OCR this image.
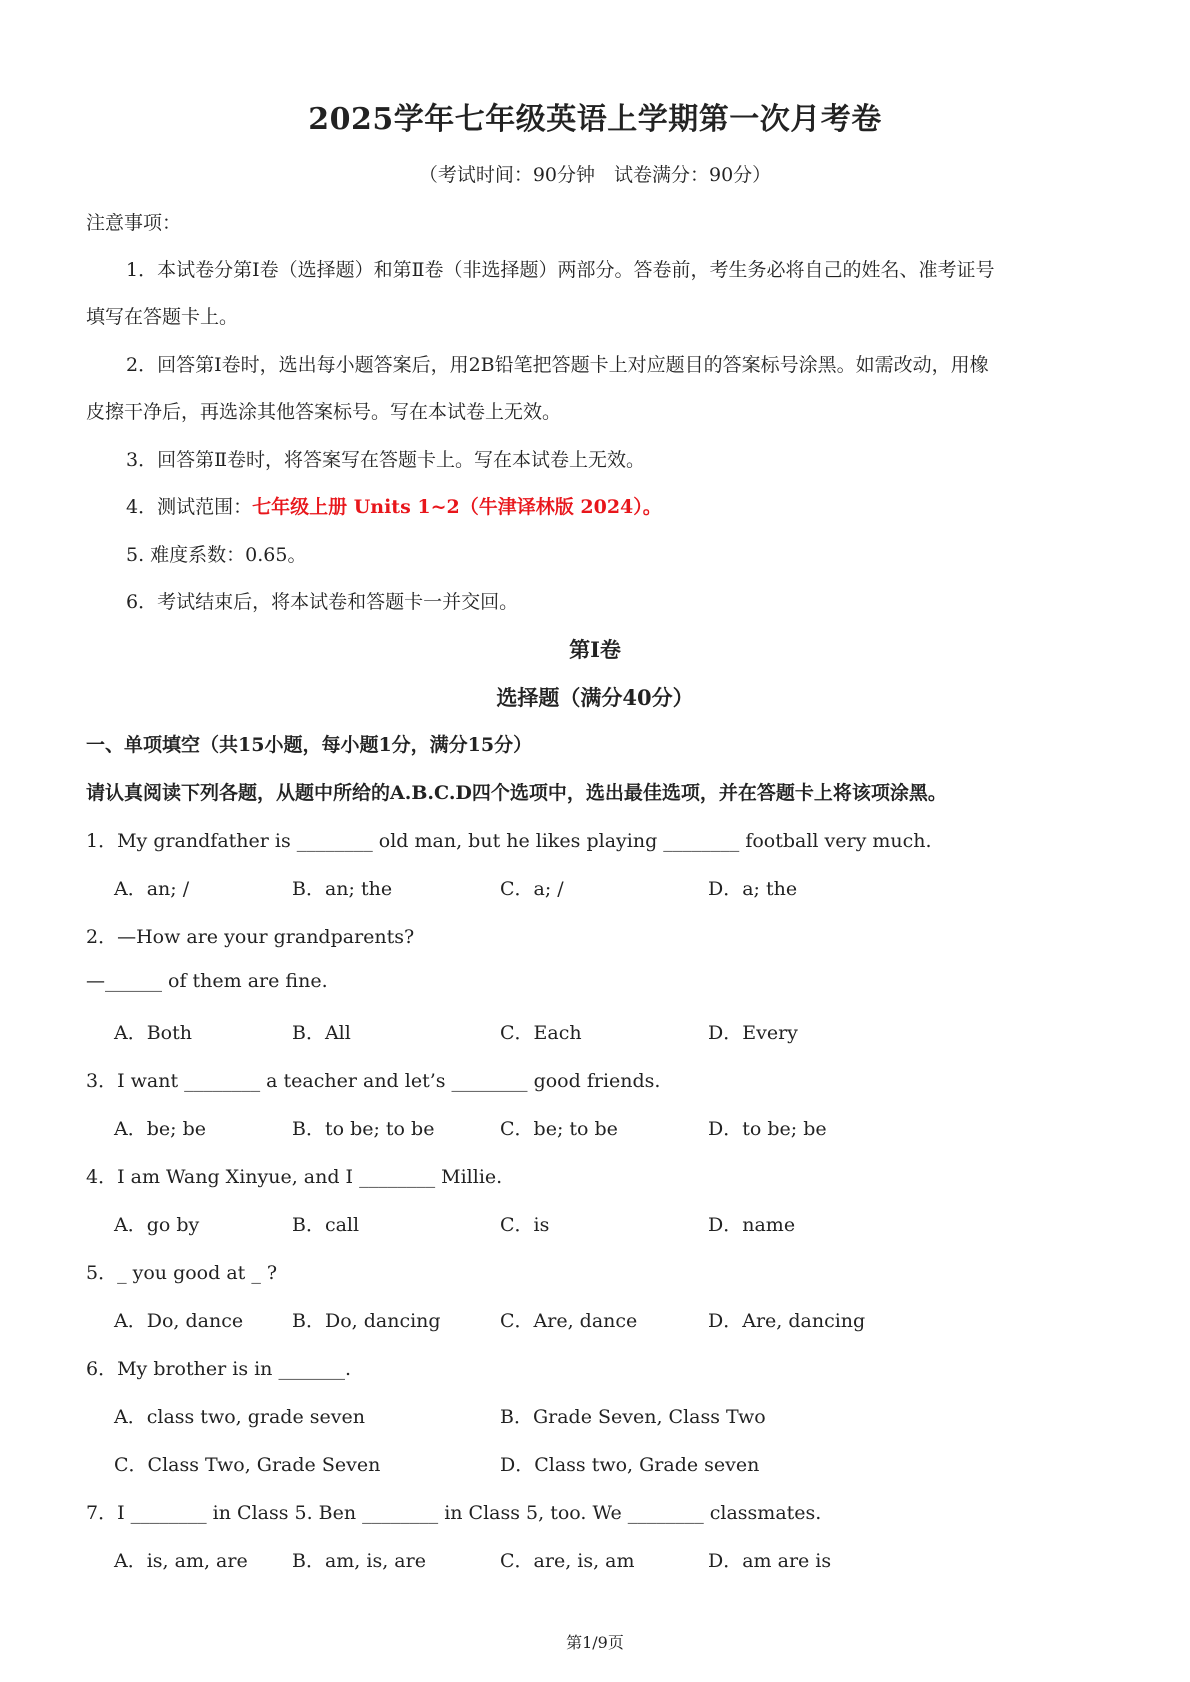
2025学年七年级英语上学期第一次月考卷
（考试时间：90分钟　试卷满分：90分）
注意事项：
1．本试卷分第Ⅰ卷（选择题）和第Ⅱ卷（非选择题）两部分。答卷前，考生务必将自己的姓名、准考证号
填写在答题卡上。
2．回答第Ⅰ卷时，选出每小题答案后，用2B铅笔把答题卡上对应题目的答案标号涂黑。如需改动，用橡
皮擦干净后，再选涂其他答案标号。写在本试卷上无效。
3．回答第Ⅱ卷时，将答案写在答题卡上。写在本试卷上无效。
4．测试范围：七年级上册 Units 1~2（牛津译林版 2024）。
5. 难度系数：0.65。
6．考试结束后，将本试卷和答题卡一并交回。
第Ⅰ卷
选择题（满分40分）
一、单项填空（共15小题，每小题1分，满分15分）
请认真阅读下列各题，从题中所给的A.B.C.D四个选项中，选出最佳选项，并在答题卡上将该项涂黑。
1．My grandfather is ________ old man, but he likes playing ________ football very much.
A．an; /	B．an; the	C．a; /	D．a; the
2．—How are your grandparents?
—______ of them are fine.
A．Both	B．All	C．Each	D．Every
3．I want ________ a teacher and let’s ________ good friends.
A．be; be	B．to be; to be	C．be; to be	D．to be; be
4．I am Wang Xinyue, and I ________ Millie.
A．go by	B．call	C．is	D．name
5．_ you good at _ ?
A．Do, dance	B．Do, dancing	C．Are, dance	D．Are, dancing
6．My brother is in _______.
A．class two, grade seven	B．Grade Seven, Class Two
C．Class Two, Grade Seven	D．Class two, Grade seven
7．I ________ in Class 5. Ben ________ in Class 5, too. We ________ classmates.
A．is, am, are B．am, is, are	C．are, is, am	D．am are is
第1/9页
